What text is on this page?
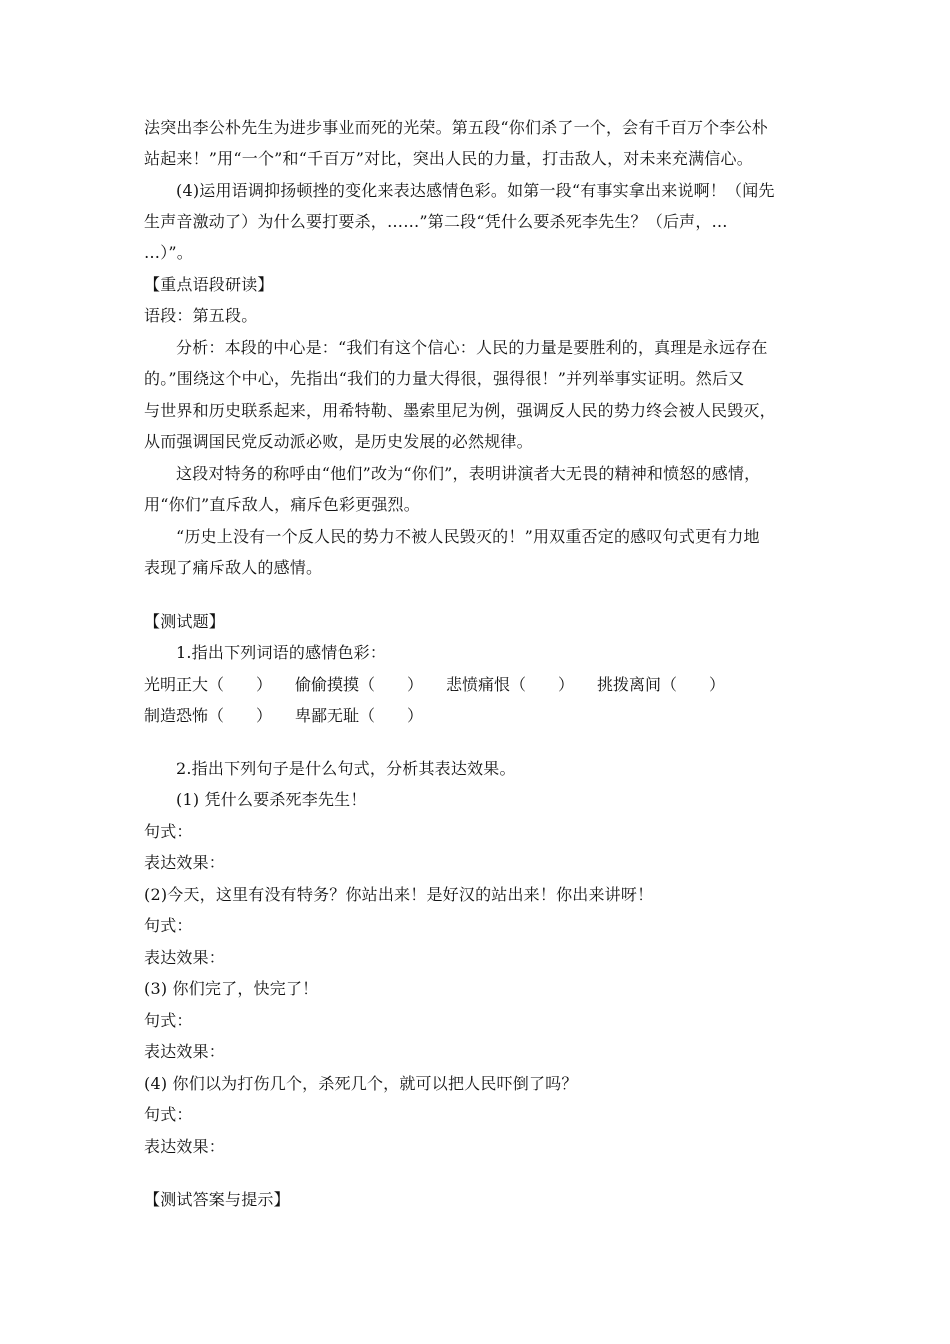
法突出李公朴先生为进步事业而死的光荣。第五段“你们杀了一个，会有千百万个李公朴
站起来！”用“一个”和“千百万”对比，突出人民的力量，打击敌人，对未来充满信心。
(4)运用语调抑扬顿挫的变化来表达感情色彩。如第一段“有事实拿出来说啊！（闻先
生声音激动了）为什么要打要杀，……”第二段“凭什么要杀死李先生？（后声，…
…）”。
【重点语段研读】
语段：第五段。
分析：本段的中心是：“我们有这个信心：人民的力量是要胜利的，真理是永远存在
的。”围绕这个中心，先指出“我们的力量大得很，强得很！”并列举事实证明。然后又
与世界和历史联系起来，用希特勒、墨索里尼为例，强调反人民的势力终会被人民毁灭，
从而强调国民党反动派必败，是历史发展的必然规律。
这段对特务的称呼由“他们”改为“你们”，表明讲演者大无畏的精神和愤怒的感情，
用“你们”直斥敌人，痛斥色彩更强烈。
“历史上没有一个反人民的势力不被人民毁灭的！”用双重否定的感叹句式更有力地
表现了痛斥敌人的感情。
【测试题】
1.指出下列词语的感情色彩：
光明正大（　　） 偷偷摸摸（　　） 悲愤痛恨（　　） 挑拨离间（　　）
制造恐怖（　　） 卑鄙无耻（　　）
2.指出下列句子是什么句式，分析其表达效果。
(1) 凭什么要杀死李先生！
句式：
表达效果：
(2)今天，这里有没有特务？你站出来！是好汉的站出来！你出来讲呀！
句式：
表达效果：
(3) 你们完了，快完了！
句式：
表达效果：
(4) 你们以为打伤几个，杀死几个，就可以把人民吓倒了吗？
句式：
表达效果：
【测试答案与提示】
